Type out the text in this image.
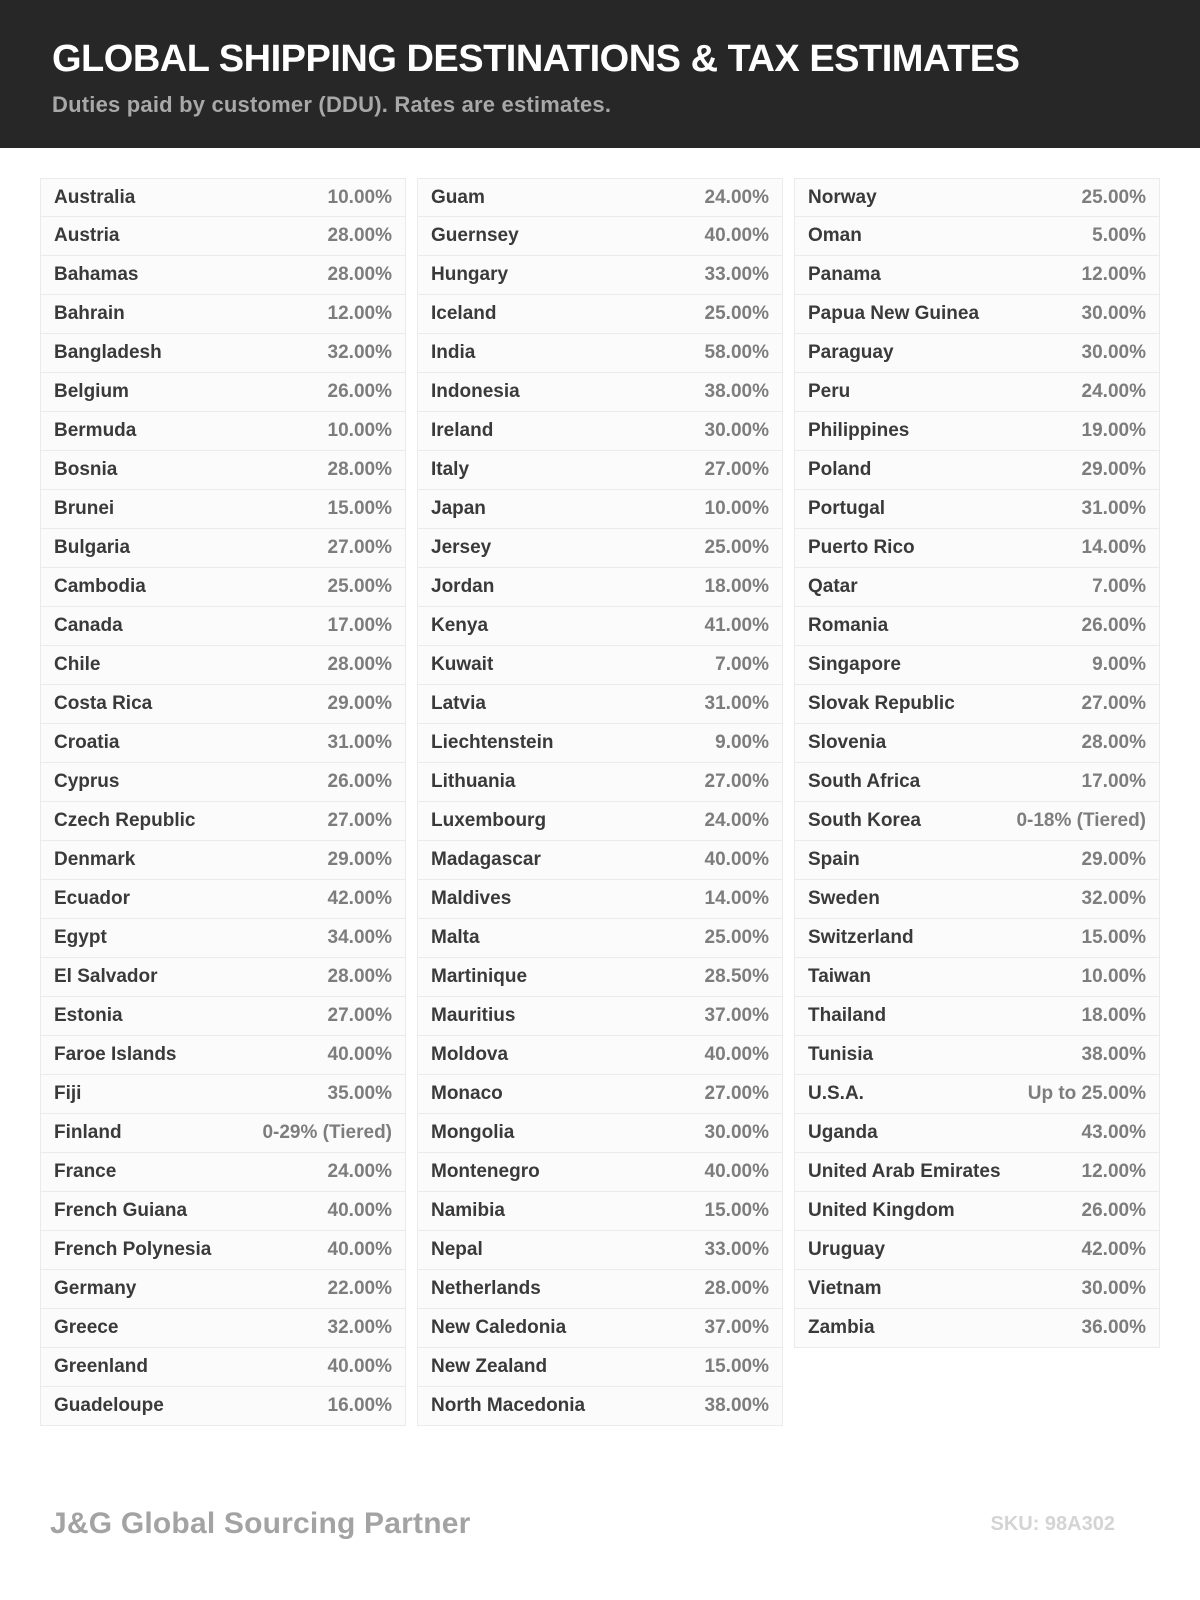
GLOBAL SHIPPING DESTINATIONS & TAX ESTIMATES

Duties paid by customer (DDU). Rates are estimates.

Australia	10.00%
Austria	28.00%
Bahamas	28.00%
Bahrain	12.00%
Bangladesh	32.00%
Belgium	26.00%
Bermuda	10.00%
Bosnia	28.00%
Brunei	15.00%
Bulgaria	27.00%
Cambodia	25.00%
Canada	17.00%
Chile	28.00%
Costa Rica	29.00%
Croatia	31.00%
Cyprus	26.00%
Czech Republic	27.00%
Denmark	29.00%
Ecuador	42.00%
Egypt	34.00%
El Salvador	28.00%
Estonia	27.00%
Faroe Islands	40.00%
Fiji	35.00%
Finland	0-29% (Tiered)
France	24.00%
French Guiana	40.00%
French Polynesia	40.00%
Germany	22.00%
Greece	32.00%
Greenland	40.00%
Guadeloupe	16.00%
Guam	24.00%
Guernsey	40.00%
Hungary	33.00%
Iceland	25.00%
India	58.00%
Indonesia	38.00%
Ireland	30.00%
Italy	27.00%
Japan	10.00%
Jersey	25.00%
Jordan	18.00%
Kenya	41.00%
Kuwait	7.00%
Latvia	31.00%
Liechtenstein	9.00%
Lithuania	27.00%
Luxembourg	24.00%
Madagascar	40.00%
Maldives	14.00%
Malta	25.00%
Martinique	28.50%
Mauritius	37.00%
Moldova	40.00%
Monaco	27.00%
Mongolia	30.00%
Montenegro	40.00%
Namibia	15.00%
Nepal	33.00%
Netherlands	28.00%
New Caledonia	37.00%
New Zealand	15.00%
North Macedonia	38.00%
Norway	25.00%
Oman	5.00%
Panama	12.00%
Papua New Guinea	30.00%
Paraguay	30.00%
Peru	24.00%
Philippines	19.00%
Poland	29.00%
Portugal	31.00%
Puerto Rico	14.00%
Qatar	7.00%
Romania	26.00%
Singapore	9.00%
Slovak Republic	27.00%
Slovenia	28.00%
South Africa	17.00%
South Korea	0-18% (Tiered)
Spain	29.00%
Sweden	32.00%
Switzerland	15.00%
Taiwan	10.00%
Thailand	18.00%
Tunisia	38.00%
U.S.A.	Up to 25.00%
Uganda	43.00%
United Arab Emirates	12.00%
United Kingdom	26.00%
Uruguay	42.00%
Vietnam	30.00%
Zambia	36.00%
J&G Global Sourcing Partner	SKU: 98A302
